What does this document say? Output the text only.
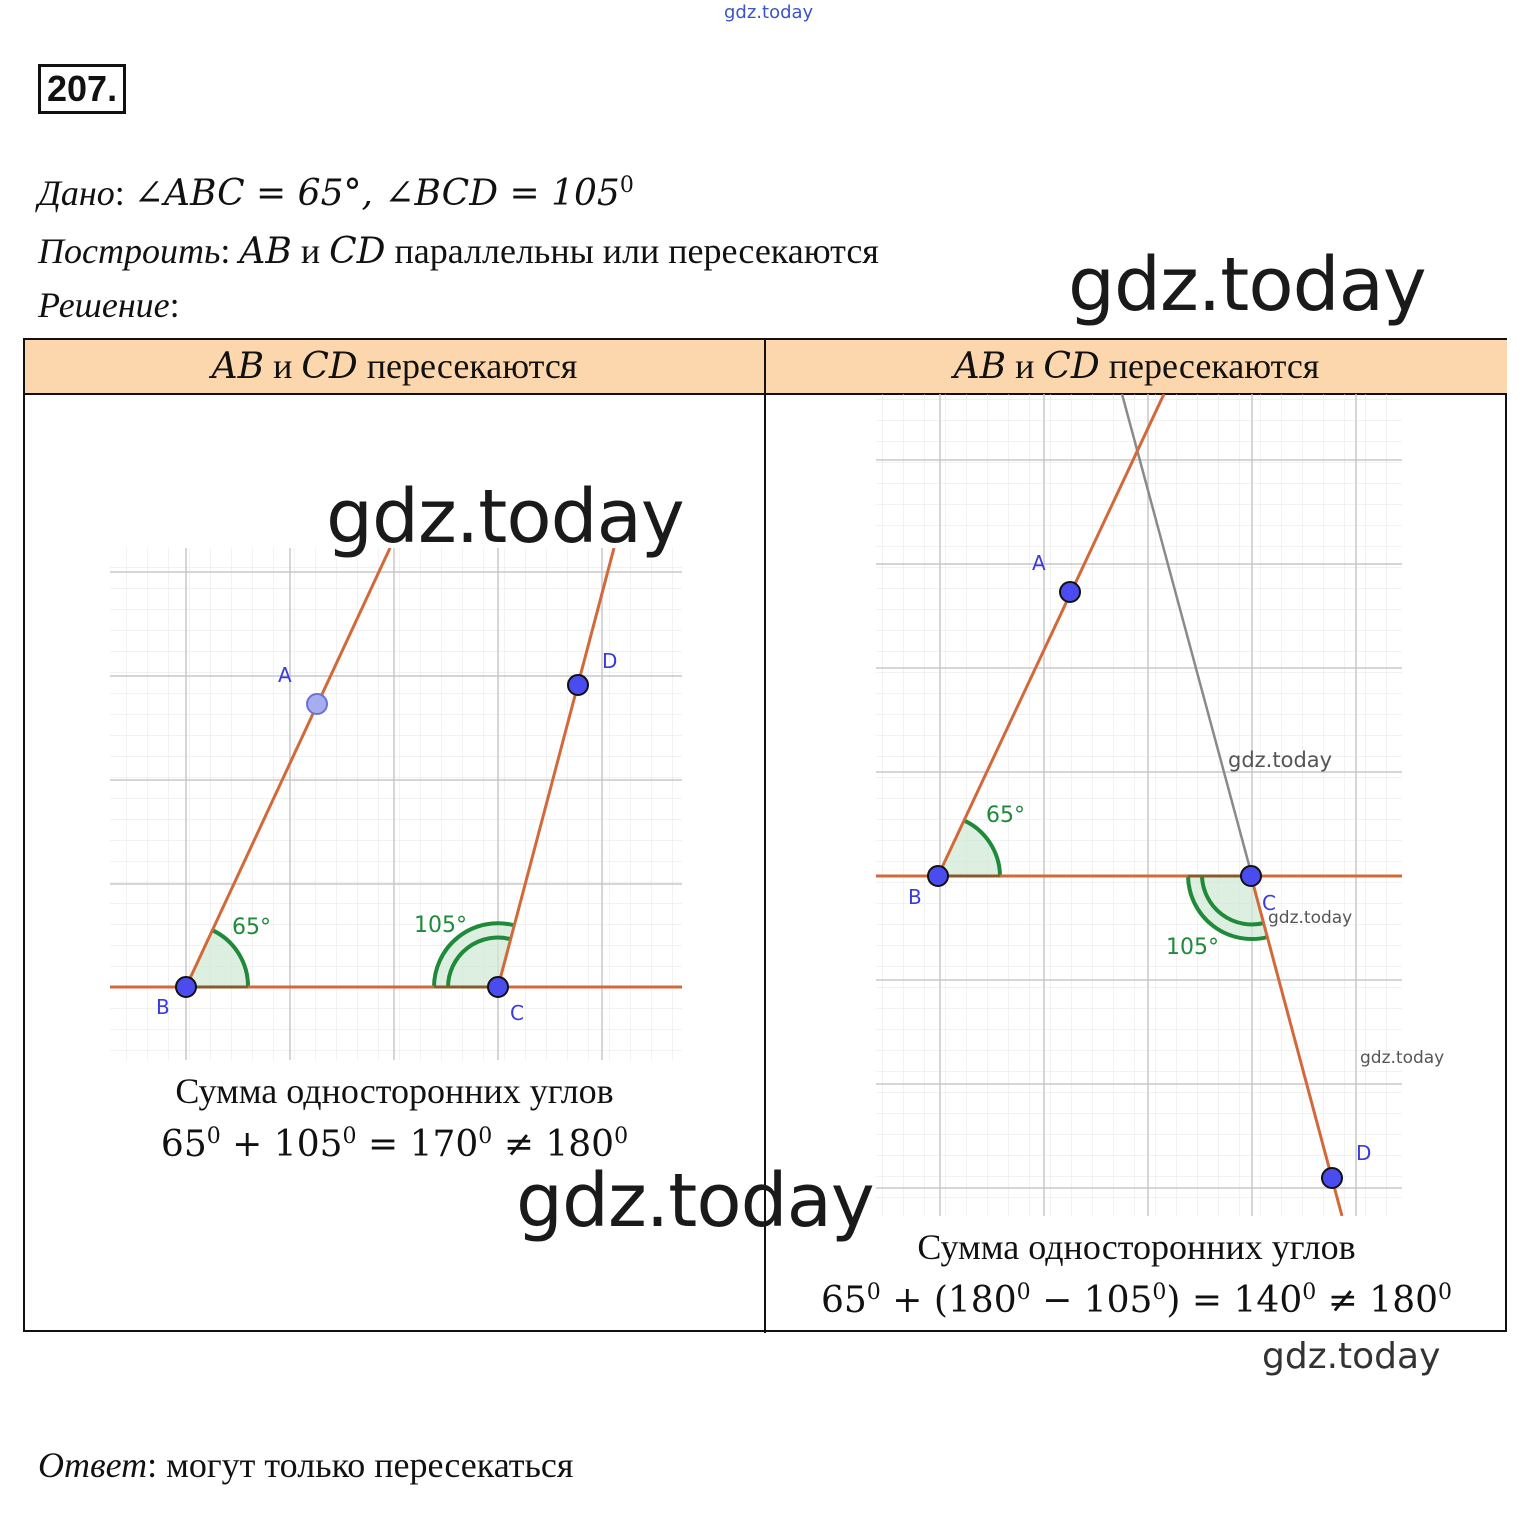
gdz.today
207.
Дано: ∠ABC = 65°, ∠BCD = $105^0$
Построить: AB и CD параллельны или пересекаются
Решение:	gdz.today
AB и CD пересекаются	AB и CD пересекаются
A
D
B	C
65°	105°
gdz.today
Сумма односторонних углов
$65^0 + 105^0 = 170^0 \ne 180^0$
A
B	C
D
65°
105°
gdz.today
gdz.today
gdz.today
gdz.today
Сумма односторонних углов
$65^0 + (180^0 - 105^0) = 140^0 \ne 180^0$
gdz.today
Ответ: могут только пересекаться
